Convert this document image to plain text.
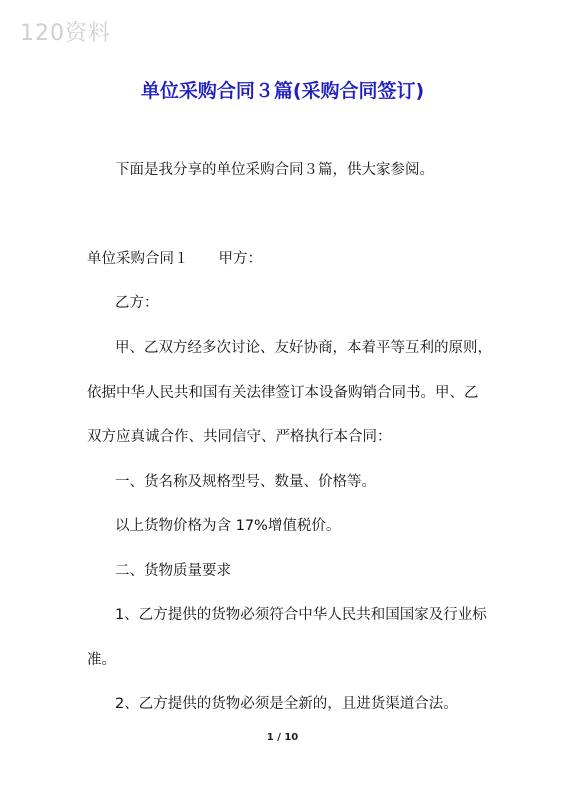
120资料
单位采购合同３篇(采购合同签订)
下面是我分享的单位采购合同３篇，供大家参阅。
单位采购合同１ 甲方：
乙方：
甲、乙双方经多次讨论、友好协商，本着平等互利的原则，
依据中华人民共和国有关法律签订本设备购销合同书。甲、乙
双方应真诚合作、共同信守、严格执行本合同：
一、货名称及规格型号、数量、价格等。
以上货物价格为含 17%增值税价。
二、货物质量要求
1、乙方提供的货物必须符合中华人民共和国国家及行业标
准。
2、乙方提供的货物必须是全新的，且进货渠道合法。
1 / 10
